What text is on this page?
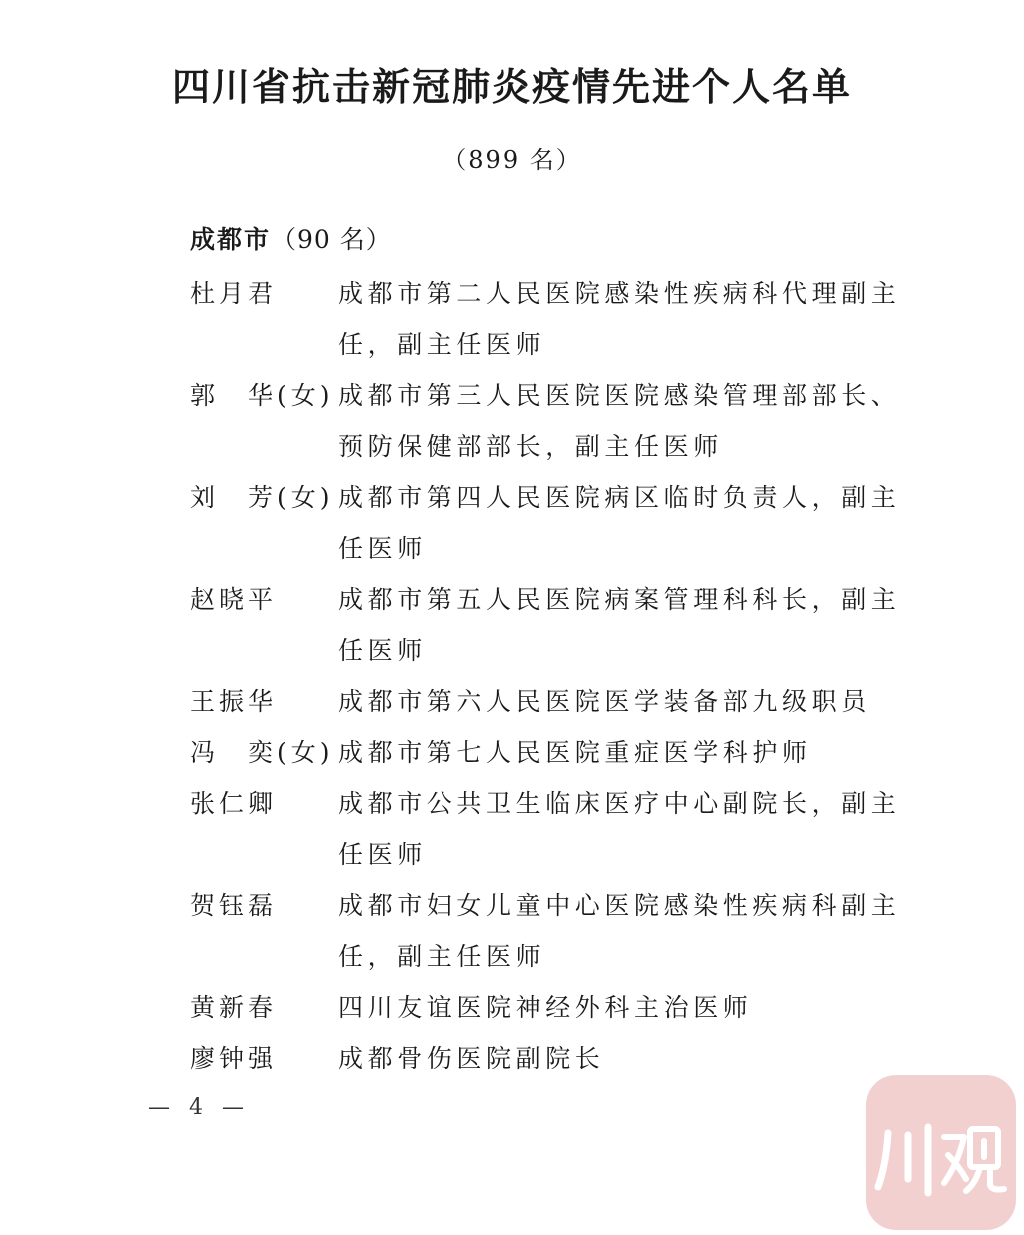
四川省抗击新冠肺炎疫情先进个人名单

（899 名）

成都市（90 名）

杜月君	成都市第二人民医院感染性疾病科代理副主任，副主任医师
郭　华(女) 成都市第三人民医院医院感染管理部部长、预防保健部部长，副主任医师
刘　芳(女) 成都市第四人民医院病区临时负责人，副主任医师
赵晓平	成都市第五人民医院病案管理科科长，副主任医师
王振华	成都市第六人民医院医学装备部九级职员
冯　奕(女) 成都市第七人民医院重症医学科护师
张仁卿	成都市公共卫生临床医疗中心副院长，副主任医师
贺钰磊	成都市妇女儿童中心医院感染性疾病科副主任，副主任医师
黄新春	四川友谊医院神经外科主治医师
廖钟强	成都骨伤医院副院长
— 4 —
